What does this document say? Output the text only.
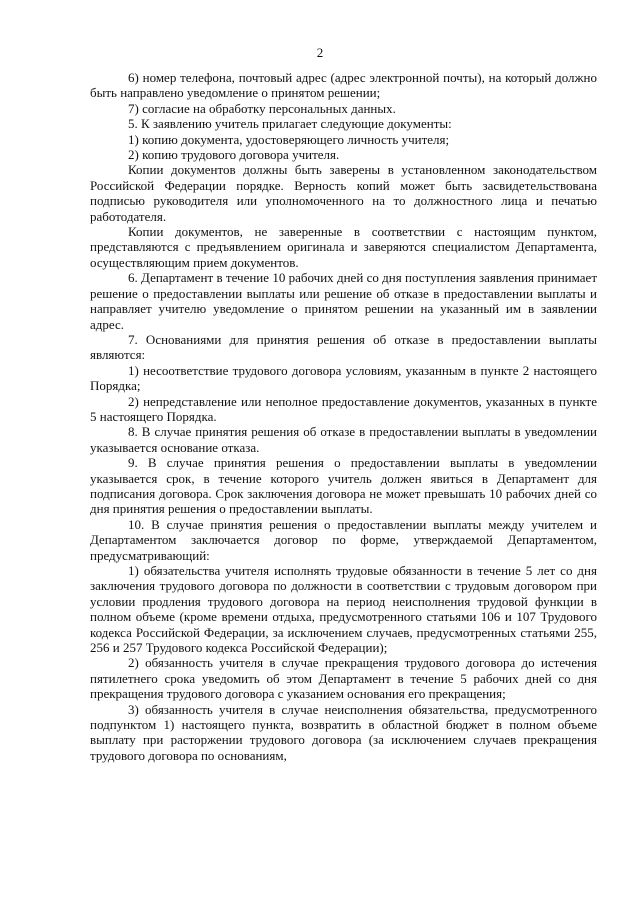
2

6) номер телефона, почтовый адрес (адрес электронной почты), на который должно быть направлено уведомление о принятом решении;

7) согласие на обработку персональных данных.

5. К заявлению учитель прилагает следующие документы:

1) копию документа, удостоверяющего личность учителя;

2) копию трудового договора учителя.

Копии документов должны быть заверены в установленном законодательством Российской Федерации порядке. Верность копий может быть засвидетельствована подписью руководителя или уполномоченного на то должностного лица и печатью работодателя.

Копии документов, не заверенные в соответствии с настоящим пунктом, представляются с предъявлением оригинала и заверяются специалистом Департамента, осуществляющим прием документов.

6. Департамент в течение 10 рабочих дней со дня поступления заявления принимает решение о предоставлении выплаты или решение об отказе в предоставлении выплаты и направляет учителю уведомление о принятом решении на указанный им в заявлении адрес.

7. Основаниями для принятия решения об отказе в предоставлении выплаты являются:

1) несоответствие трудового договора условиям, указанным в пункте 2 настоящего Порядка;

2) непредставление или неполное предоставление документов, указанных в пункте 5 настоящего Порядка.

8. В случае принятия решения об отказе в предоставлении выплаты в уведомлении указывается основание отказа.

9. В случае принятия решения о предоставлении выплаты в уведомлении указывается срок, в течение которого учитель должен явиться в Департамент для подписания договора. Срок заключения договора не может превышать 10 рабочих дней со дня принятия решения о предоставлении выплаты.

10. В случае принятия решения о предоставлении выплаты между учителем и Департаментом заключается договор по форме, утверждаемой Департаментом, предусматривающий:

1) обязательства учителя исполнять трудовые обязанности в течение 5 лет со дня заключения трудового договора по должности в соответствии с трудовым договором при условии продления трудового договора на период неисполнения трудовой функции в полном объеме (кроме времени отдыха, предусмотренного статьями 106 и 107 Трудового кодекса Российской Федерации, за исключением случаев, предусмотренных статьями 255, 256 и 257 Трудового кодекса Российской Федерации);

2) обязанность учителя в случае прекращения трудового договора до истечения пятилетнего срока уведомить об этом Департамент в течение 5 рабочих дней со дня прекращения трудового договора с указанием основания его прекращения;

3) обязанность учителя в случае неисполнения обязательства, предусмотренного подпунктом 1) настоящего пункта, возвратить в областной бюджет в полном объеме выплату при расторжении трудового договора (за исключением случаев прекращения трудового договора по основаниям,
